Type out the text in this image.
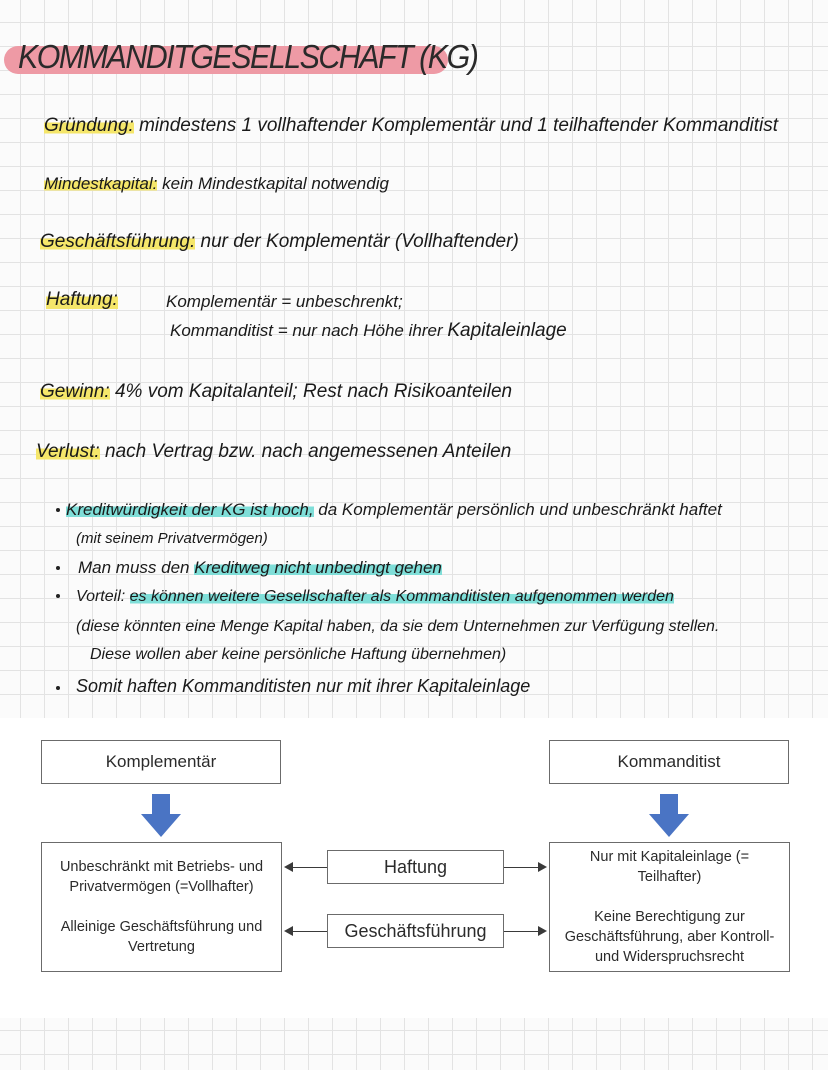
KOMMANDITGESELLSCHAFT (KG)
Gründung: mindestens 1 vollhaftender Komplementär und 1 teilhaftender Kommanditist
Mindestkapital: kein Mindestkapital notwendig
Geschäftsführung: nur der Komplementär (Vollhaftender)
Haftung:	Komplementär = unbeschrenkt;
Kommanditist = nur nach Höhe ihrer Kapitaleinlage
Gewinn: 4% vom Kapitalanteil; Rest nach Risikoanteilen
Verlust: nach Vertrag bzw. nach angemessenen Anteilen
Kreditwürdigkeit der KG ist hoch, da Komplementär persönlich und unbeschränkt haftet
(mit seinem Privatvermögen)
Man muss den Kreditweg nicht unbedingt gehen
Vorteil: es können weitere Gesellschafter als Kommanditisten aufgenommen werden
(diese könnten eine Menge Kapital haben, da sie dem Unternehmen zur Verfügung stellen.
Diese wollen aber keine persönliche Haftung übernehmen)
Somit haften Kommanditisten nur mit ihrer Kapitaleinlage
Komplementär	Kommanditist

Unbeschränkt mit Betriebs- und Privatvermögen (=Vollhafter)

Alleinige Geschäftsführung und Vertretung

Nur mit Kapitaleinlage (= Teilhafter)

Keine Berechtigung zur Geschäftsführung, aber Kontroll- und Widerspruchsrecht

Haftung
Geschäftsführung
